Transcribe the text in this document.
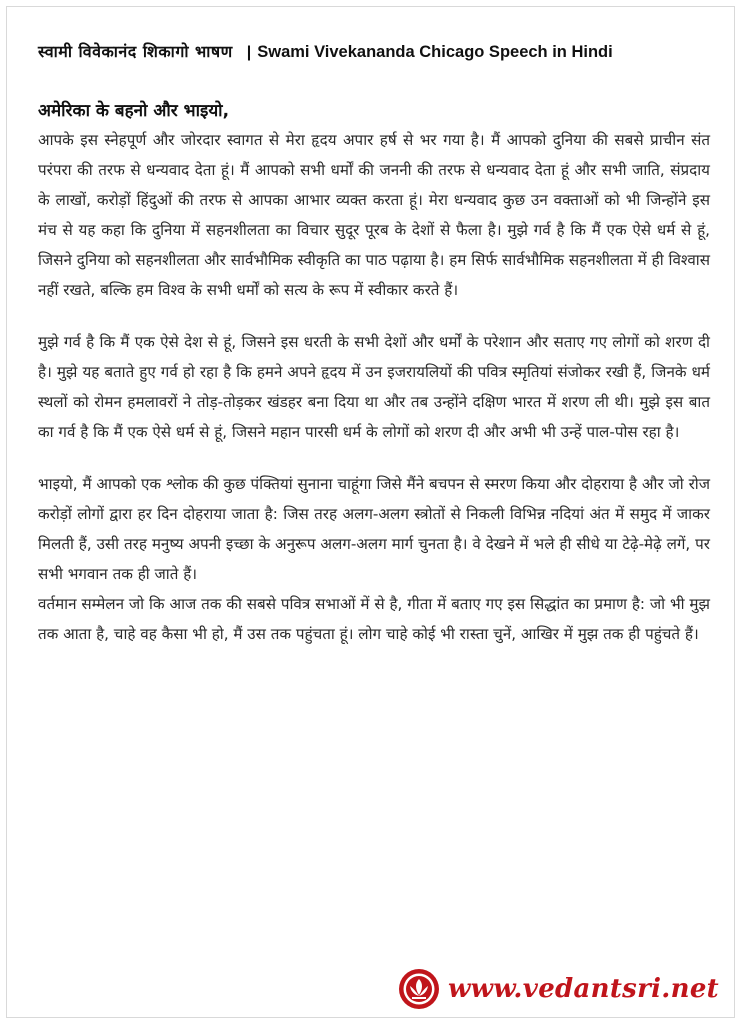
स्वामी विवेकानंद शिकागो भाषण | Swami Vivekananda Chicago Speech in Hindi
अमेरिका के बहनो और भाइयो,

आपके इस स्नेहपूर्ण और जोरदार स्वागत से मेरा हृदय अपार हर्ष से भर गया है। मैं आपको दुनिया की सबसे प्राचीन संत परंपरा की तरफ से धन्यवाद देता हूं। मैं आपको सभी धर्मों की जननी की तरफ से धन्यवाद देता हूं और सभी जाति, संप्रदाय के लाखों, करोड़ों हिंदुओं की तरफ से आपका आभार व्यक्त करता हूं। मेरा धन्यवाद कुछ उन वक्ताओं को भी जिन्होंने इस मंच से यह कहा कि दुनिया में सहनशीलता का विचार सुदूर पूरब के देशों से फैला है। मुझे गर्व है कि मैं एक ऐसे धर्म से हूं, जिसने दुनिया को सहनशीलता और सार्वभौमिक स्वीकृति का पाठ पढ़ाया है। हम सिर्फ सार्वभौमिक सहनशीलता में ही विश्वास नहीं रखते, बल्कि हम विश्व के सभी धर्मों को सत्य के रूप में स्वीकार करते हैं।

मुझे गर्व है कि मैं एक ऐसे देश से हूं, जिसने इस धरती के सभी देशों और धर्मों के परेशान और सताए गए लोगों को शरण दी है। मुझे यह बताते हुए गर्व हो रहा है कि हमने अपने हृदय में उन इजरायलियों की पवित्र स्मृतियां संजोकर रखी हैं, जिनके धर्म स्थलों को रोमन हमलावरों ने तोड़-तोड़कर खंडहर बना दिया था और तब उन्होंने दक्षिण भारत में शरण ली थी। मुझे इस बात का गर्व है कि मैं एक ऐसे धर्म से हूं, जिसने महान पारसी धर्म के लोगों को शरण दी और अभी भी उन्हें पाल-पोस रहा है।

भाइयो, मैं आपको एक श्लोक की कुछ पंक्तियां सुनाना चाहूंगा जिसे मैंने बचपन से स्मरण किया और दोहराया है और जो रोज करोड़ों लोगों द्वारा हर दिन दोहराया जाता है: जिस तरह अलग-अलग स्त्रोतों से निकली विभिन्न नदियां अंत में समुद में जाकर मिलती हैं, उसी तरह मनुष्य अपनी इच्छा के अनुरूप अलग-अलग मार्ग चुनता है। वे देखने में भले ही सीधे या टेढ़े-मेढ़े लगें, पर सभी भगवान तक ही जाते हैं।

वर्तमान सम्मेलन जो कि आज तक की सबसे पवित्र सभाओं में से है, गीता में बताए गए इस सिद्धांत का प्रमाण है: जो भी मुझ तक आता है, चाहे वह कैसा भी हो, मैं उस तक पहुंचता हूं। लोग चाहे कोई भी रास्ता चुनें, आखिर में मुझ तक ही पहुंचते हैं।

www.vedantsri.net
